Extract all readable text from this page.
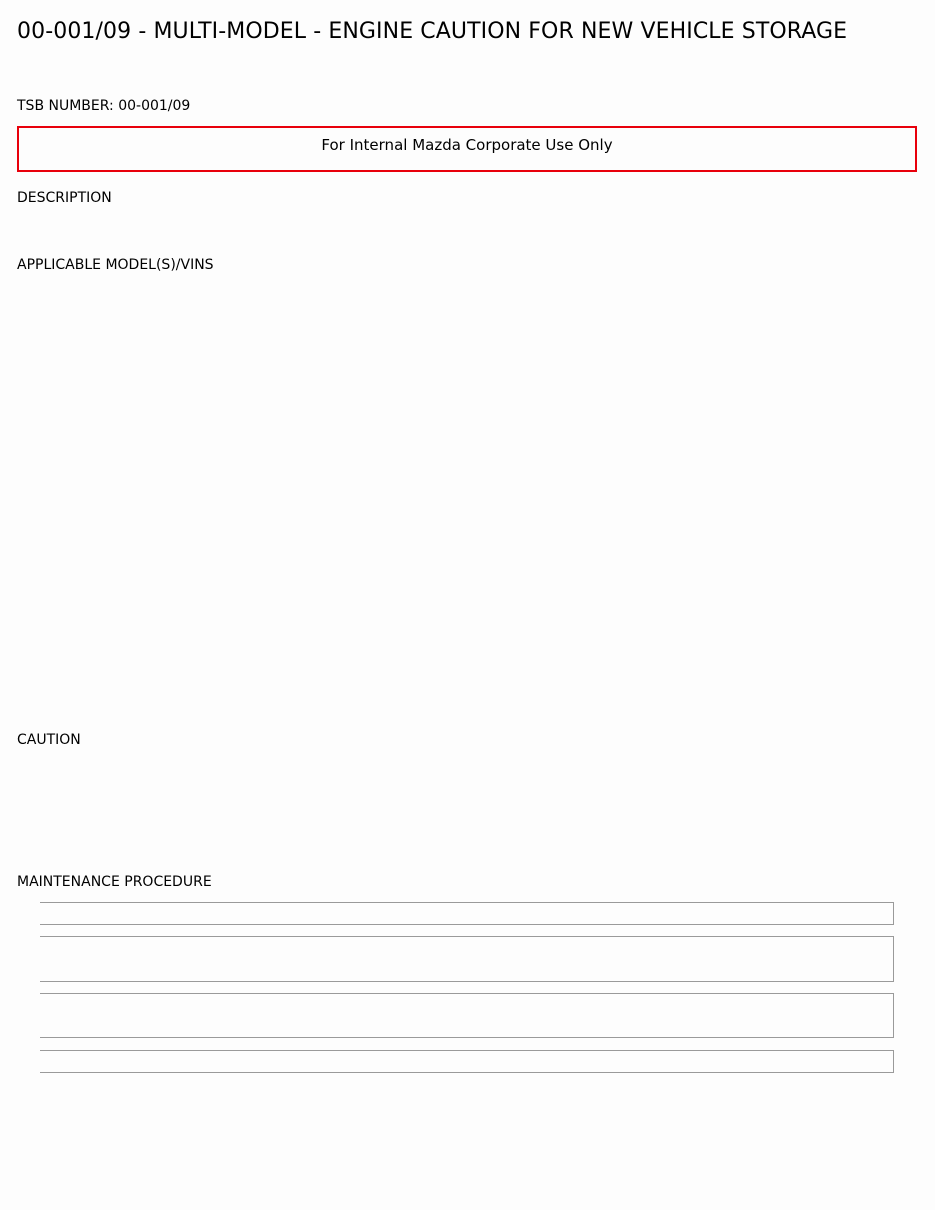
00-001/09 - MULTI-MODEL - ENGINE CAUTION FOR NEW VEHICLE STORAGE
TSB NUMBER: 00-001/09
For Internal Mazda Corporate Use Only
DESCRIPTION
APPLICABLE MODEL(S)/VINS
CAUTION
MAINTENANCE PROCEDURE
